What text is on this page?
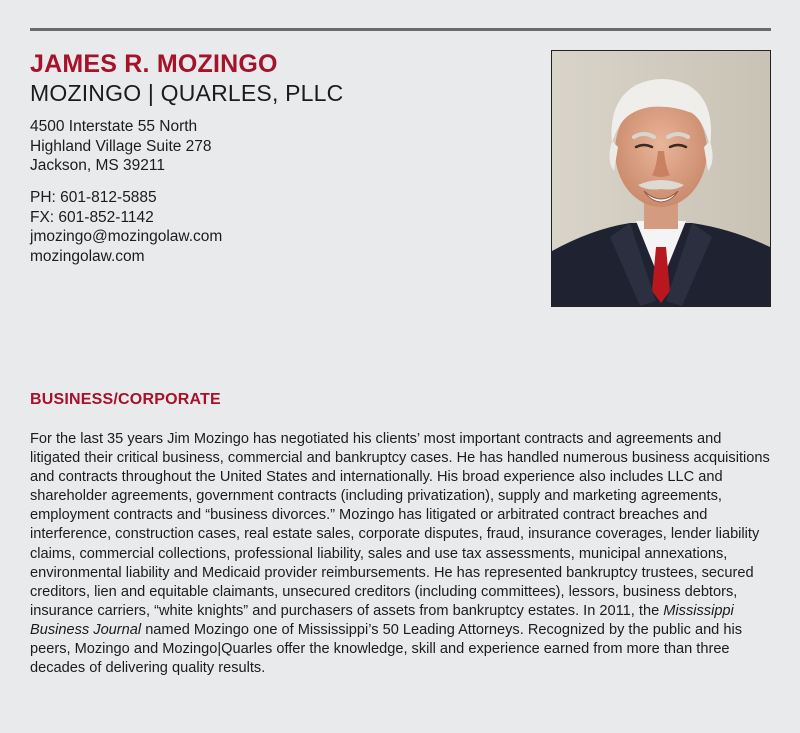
JAMES R. MOZINGO
MOZINGO | QUARLES, PLLC
4500 Interstate 55 North
Highland Village Suite 278
Jackson, MS 39211
PH: 601-812-5885
FX: 601-852-1142
jmozingo@mozingolaw.com
mozingolaw.com
BUSINESS/CORPORATE

For the last 35 years Jim Mozingo has negotiated his clients’ most important contracts and agreements and litigated their critical business, commercial and bankruptcy cases. He has handled numerous business acquisitions and contracts throughout the United States and internationally. His broad experience also includes LLC and shareholder agreements, government contracts (including privatization), supply and marketing agreements, employment contracts and “business divorces.” Mozingo has litigated or arbitrated contract breaches and interference, construction cases, real estate sales, corporate disputes, fraud, insurance coverages, lender liability claims, commercial collections, professional liability, sales and use tax assessments, municipal annexations, environmental liability and Medicaid provider reimbursements. He has represented bankruptcy trustees, secured creditors, lien and equitable claimants, unsecured creditors (including committees), lessors, business debtors, insurance carriers, “white knights” and purchasers of assets from bankruptcy estates. In 2011, the Mississippi Business Journal named Mozingo one of Mississippi’s 50 Leading Attorneys. Recognized by the public and his peers, Mozingo and Mozingo|Quarles offer the knowledge, skill and experience earned from more than three decades of delivering quality results.
